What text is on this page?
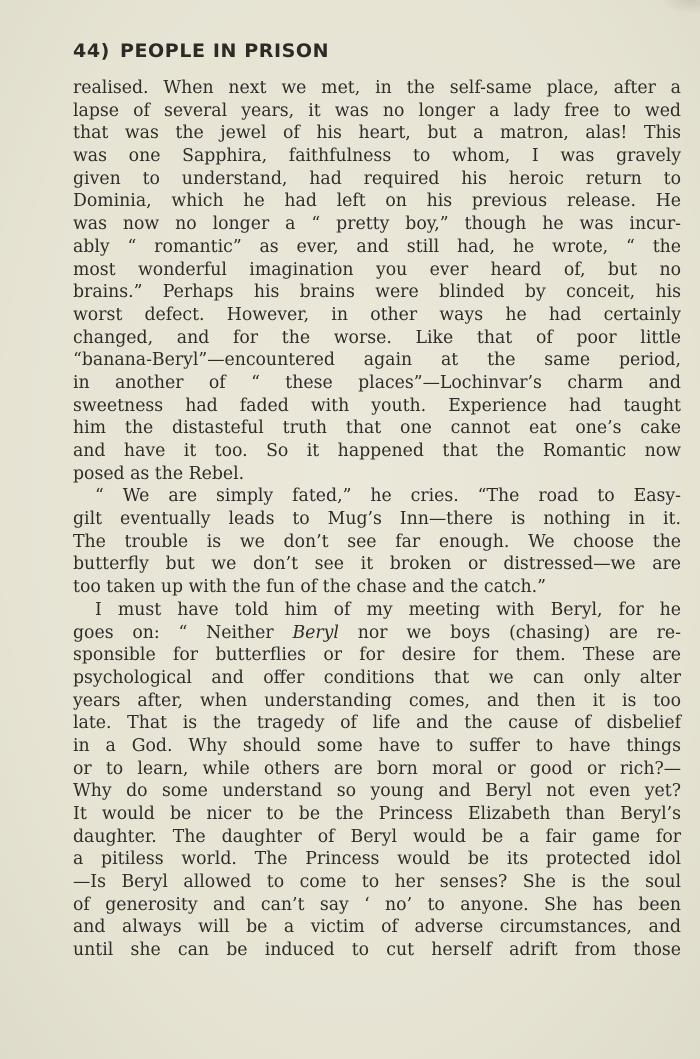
44) PEOPLE IN PRISON
realised. When next we met, in the self-same place, after a
lapse of several years, it was no longer a lady free to wed
that was the jewel of his heart, but a matron, alas! This
was one Sapphira, faithfulness to whom, I was gravely
given to understand, had required his heroic return to
Dominia, which he had left on his previous release. He
was now no longer a “ pretty boy,” though he was incur-
ably “ romantic” as ever, and still had, he wrote, “ the
most wonderful imagination you ever heard of, but no
brains.” Perhaps his brains were blinded by conceit, his
worst defect. However, in other ways he had certainly
changed, and for the worse. Like that of poor little
“banana-Beryl”—encountered again at the same period,
in another of “ these places”—Lochinvar’s charm and
sweetness had faded with youth. Experience had taught
him the distasteful truth that one cannot eat one’s cake
and have it too. So it happened that the Romantic now
posed as the Rebel.
“ We are simply fated,” he cries. “The road to Easy-
gilt eventually leads to Mug’s Inn—there is nothing in it.
The trouble is we don’t see far enough. We choose the
butterfly but we don’t see it broken or distressed—we are
too taken up with the fun of the chase and the catch.”
I must have told him of my meeting with Beryl, for he
goes on: “ Neither Beryl nor we boys (chasing) are re-
sponsible for butterflies or for desire for them. These are
psychological and offer conditions that we can only alter
years after, when understanding comes, and then it is too
late. That is the tragedy of life and the cause of disbelief
in a God. Why should some have to suffer to have things
or to learn, while others are born moral or good or rich?—
Why do some understand so young and Beryl not even yet?
It would be nicer to be the Princess Elizabeth than Beryl’s
daughter. The daughter of Beryl would be a fair game for
a pitiless world. The Princess would be its protected idol
—Is Beryl allowed to come to her senses? She is the soul
of generosity and can’t say ‘ no’ to anyone. She has been
and always will be a victim of adverse circumstances, and
until she can be induced to cut herself adrift from those
